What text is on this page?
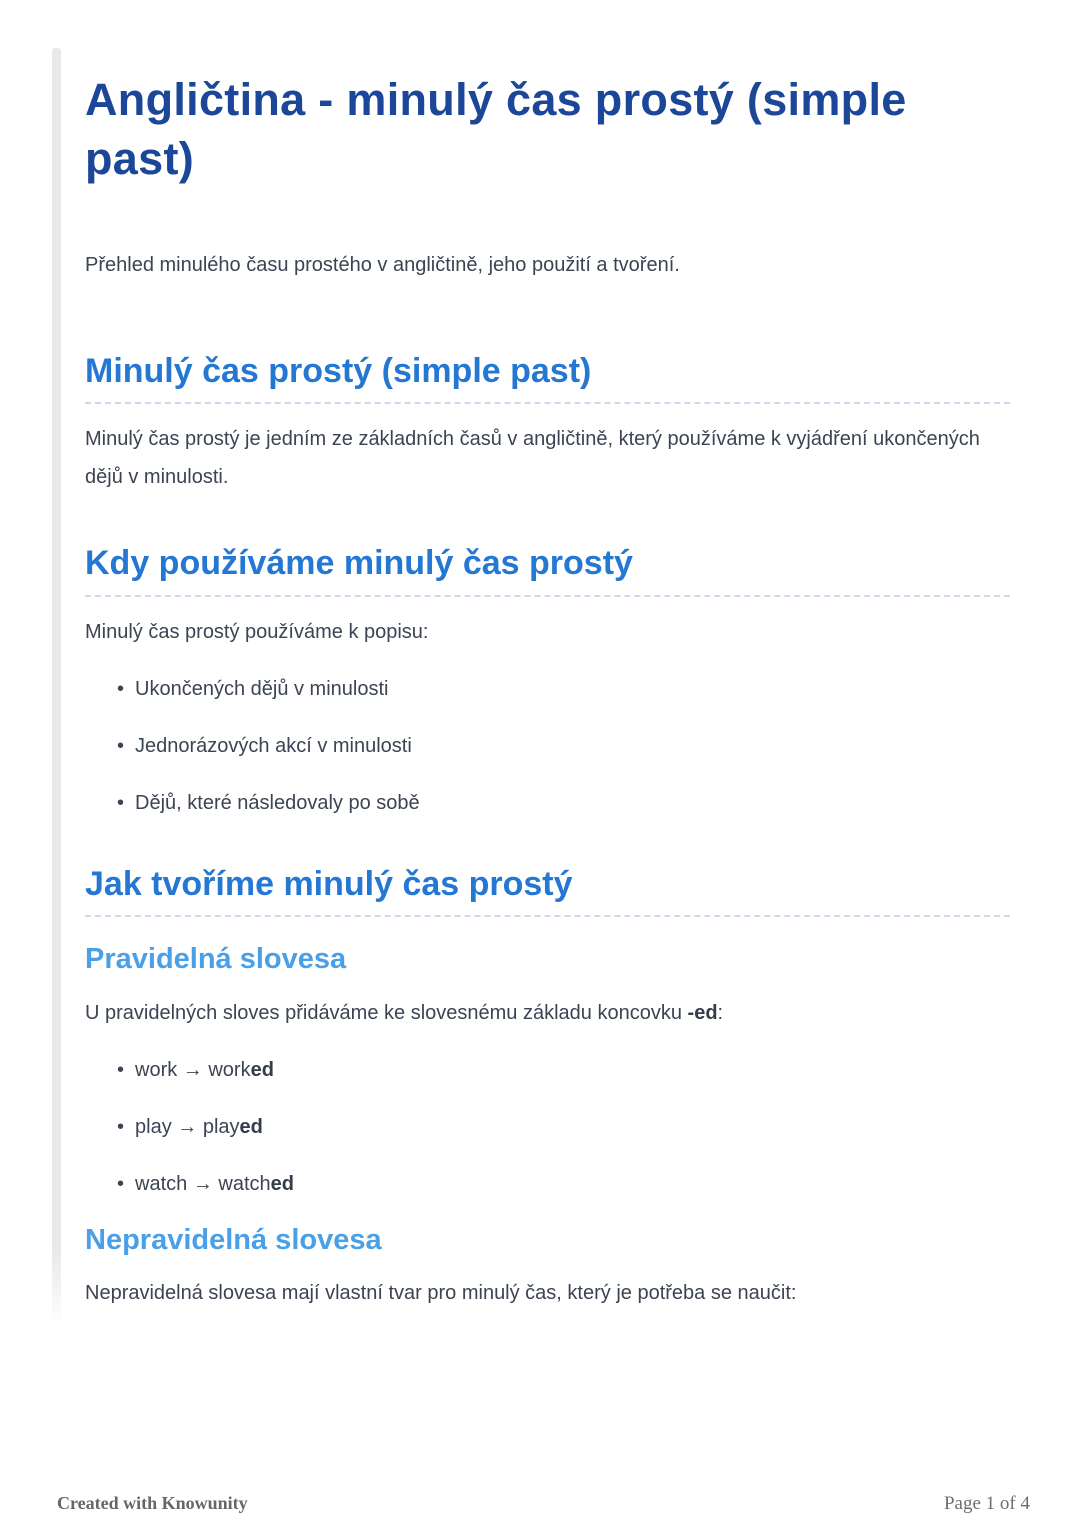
Angličtina - minulý čas prostý (simple past)

Přehled minulého času prostého v angličtině, jeho použití a tvoření.

Minulý čas prostý (simple past)

Minulý čas prostý je jedním ze základních časů v angličtině, který používáme k vyjádření ukončených dějů v minulosti.

Kdy používáme minulý čas prostý

Minulý čas prostý používáme k popisu:

• Ukončených dějů v minulosti
• Jednorázových akcí v minulosti
• Dějů, které následovaly po sobě
Jak tvoříme minulý čas prostý
Pravidelná slovesa

U pravidelných sloves přidáváme ke slovesnému základu koncovku -ed:

• work → worked
• play → played
• watch → watched
Nepravidelná slovesa

Nepravidelná slovesa mají vlastní tvar pro minulý čas, který je potřeba se naučit:

Created with Knowunity	Page 1 of 4
